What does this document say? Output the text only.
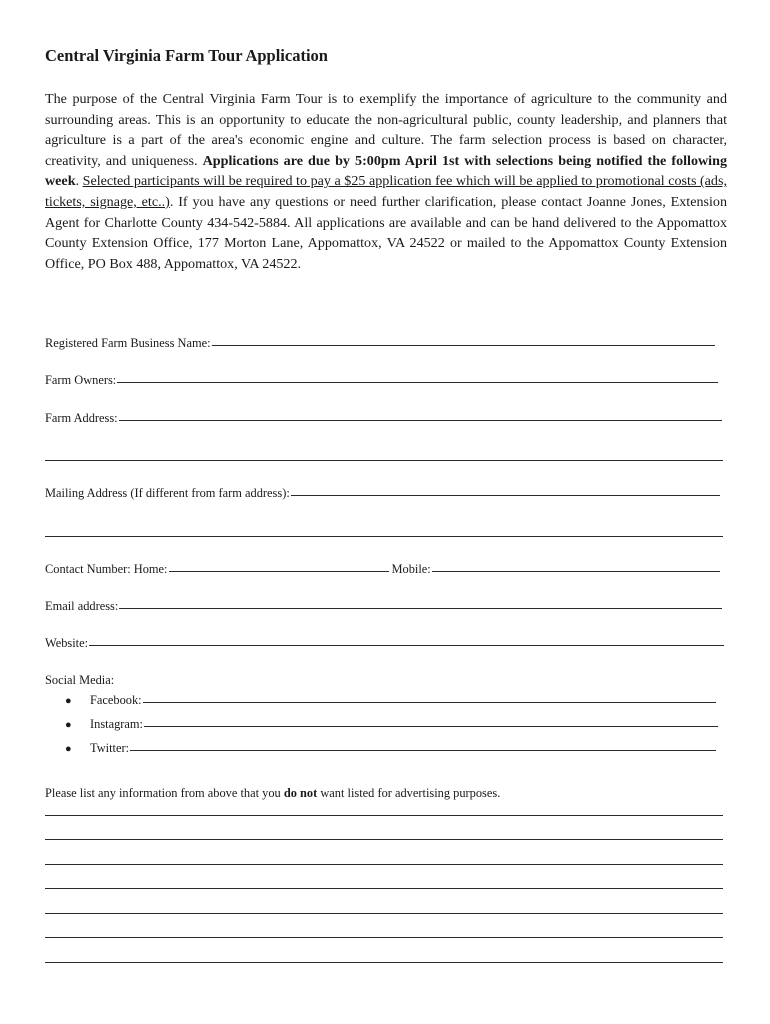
Central Virginia Farm Tour Application
The purpose of the Central Virginia Farm Tour is to exemplify the importance of agriculture to the community and surrounding areas. This is an opportunity to educate the non-agricultural public, county leadership, and planners that agriculture is a part of the area's economic engine and culture. The farm selection process is based on character, creativity, and uniqueness. Applications are due by 5:00pm April 1st with selections being notified the following week. Selected participants will be required to pay a $25 application fee which will be applied to promotional costs (ads, tickets, signage, etc..). If you have any questions or need further clarification, please contact Joanne Jones, Extension Agent for Charlotte County 434-542-5884. All applications are available and can be hand delivered to the Appomattox County Extension Office, 177 Morton Lane, Appomattox, VA 24522 or mailed to the Appomattox County Extension Office, PO Box 488, Appomattox, VA 24522.
Registered Farm Business Name:
Farm Owners:
Farm Address:
Mailing Address (If different from farm address):
Contact Number: Home:	Mobile:
Email address:
Website:
Social Media:
●	Facebook:
●	Instagram:
●	Twitter:
Please list any information from above that you do not want listed for advertising purposes.
